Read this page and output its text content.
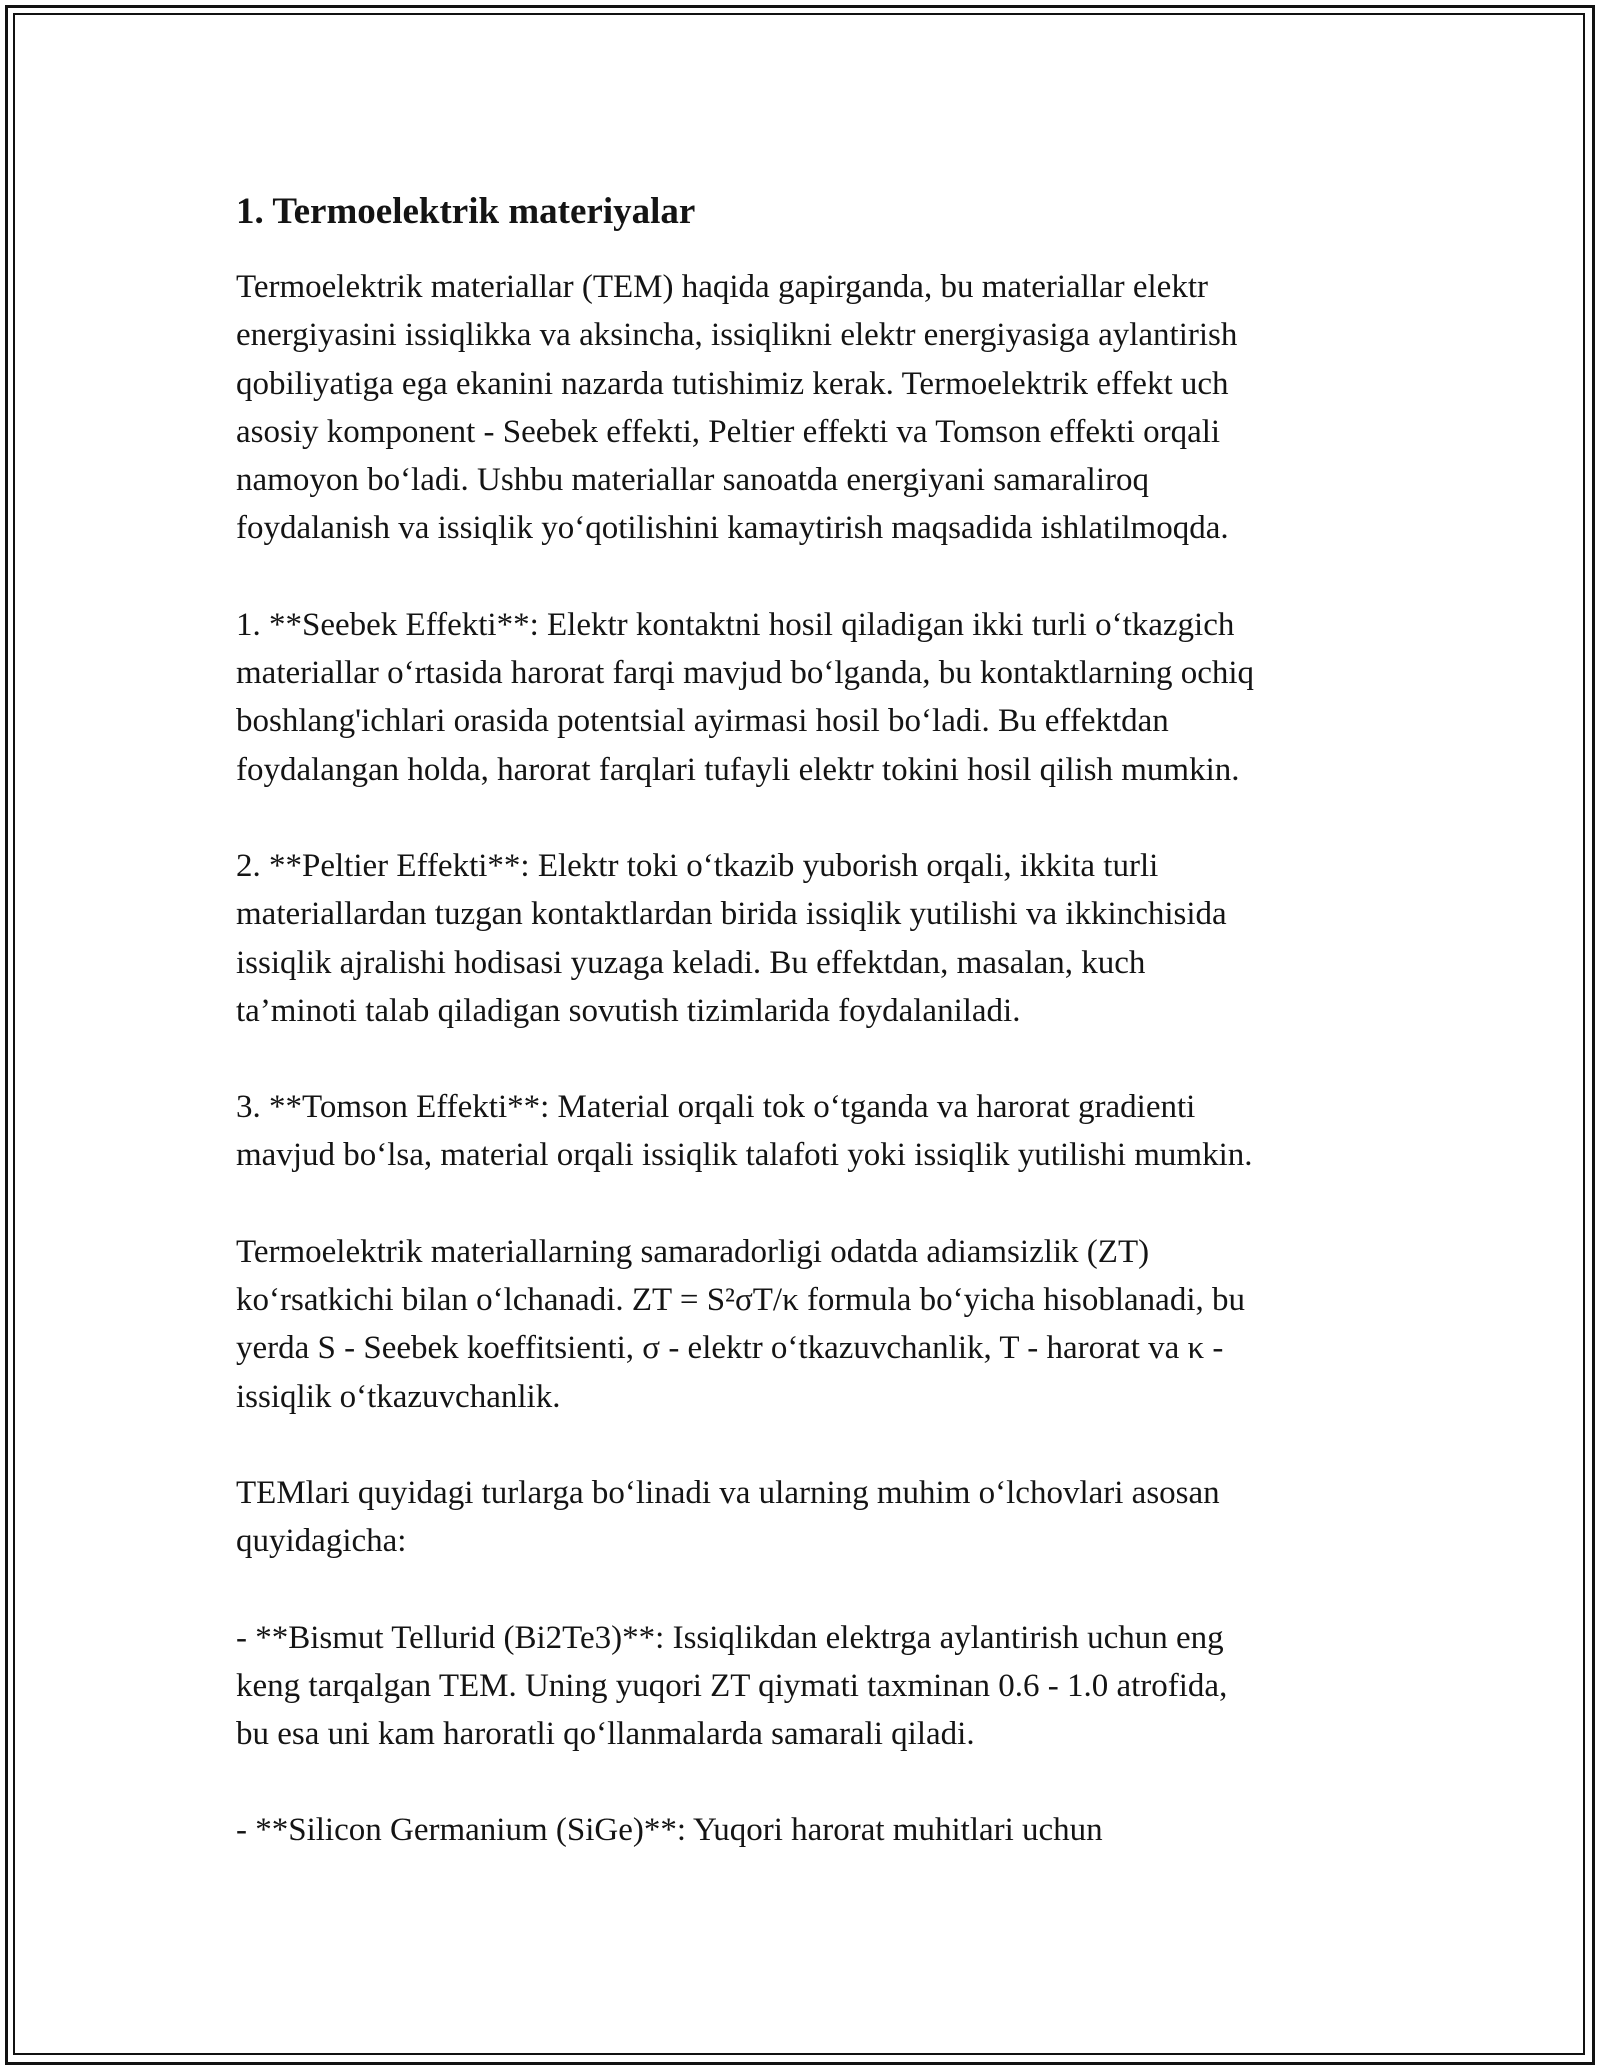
1. Termoelektrik materiyalar

Termoelektrik materiallar (TEM) haqida gapirganda, bu materiallar elektr
energiyasini issiqlikka va aksincha, issiqlikni elektr energiyasiga aylantirish
qobiliyatiga ega ekanini nazarda tutishimiz kerak. Termoelektrik effekt uch
asosiy komponent - Seebek effekti, Peltier effekti va Tomson effekti orqali
namoyon bo‘ladi. Ushbu materiallar sanoatda energiyani samaraliroq
foydalanish va issiqlik yo‘qotilishini kamaytirish maqsadida ishlatilmoqda.

1. **Seebek Effekti**: Elektr kontaktni hosil qiladigan ikki turli o‘tkazgich
materiallar o‘rtasida harorat farqi mavjud bo‘lganda, bu kontaktlarning ochiq
boshlang'ichlari orasida potentsial ayirmasi hosil bo‘ladi. Bu effektdan
foydalangan holda, harorat farqlari tufayli elektr tokini hosil qilish mumkin.

2. **Peltier Effekti**: Elektr toki o‘tkazib yuborish orqali, ikkita turli
materiallardan tuzgan kontaktlardan birida issiqlik yutilishi va ikkinchisida
issiqlik ajralishi hodisasi yuzaga keladi. Bu effektdan, masalan, kuch
ta’minoti talab qiladigan sovutish tizimlarida foydalaniladi.

3. **Tomson Effekti**: Material orqali tok o‘tganda va harorat gradienti
mavjud bo‘lsa, material orqali issiqlik talafoti yoki issiqlik yutilishi mumkin.

Termoelektrik materiallarning samaradorligi odatda adiamsizlik (ZT)
ko‘rsatkichi bilan o‘lchanadi. ZT = S²σT/κ formula bo‘yicha hisoblanadi, bu
yerda S - Seebek koeffitsienti, σ - elektr o‘tkazuvchanlik, T - harorat va κ -
issiqlik o‘tkazuvchanlik.

TEMlari quyidagi turlarga bo‘linadi va ularning muhim o‘lchovlari asosan
quyidagicha:

- **Bismut Tellurid (Bi2Te3)**: Issiqlikdan elektrga aylantirish uchun eng
keng tarqalgan TEM. Uning yuqori ZT qiymati taxminan 0.6 - 1.0 atrofida,
bu esa uni kam haroratli qo‘llanmalarda samarali qiladi.

- **Silicon Germanium (SiGe)**: Yuqori harorat muhitlari uchun
